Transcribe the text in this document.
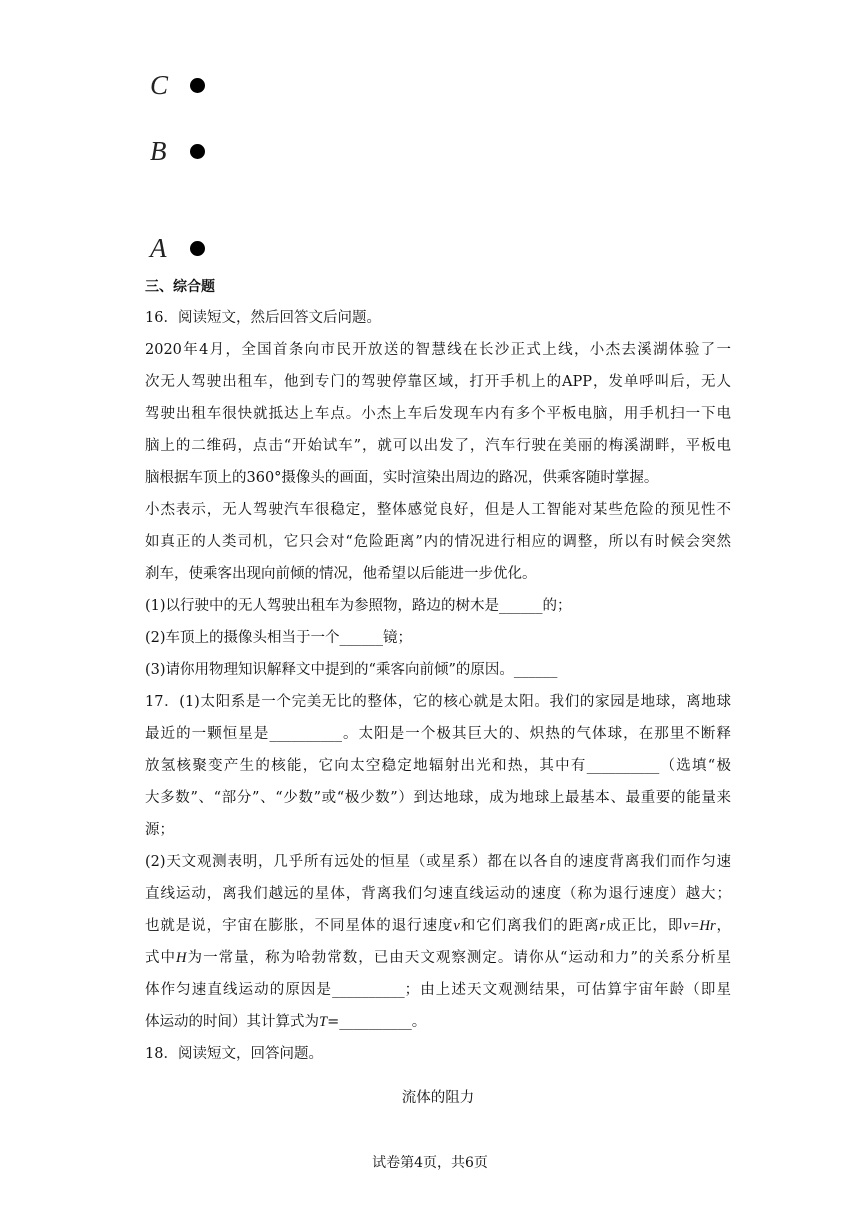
C
B
A
三、综合题
16．阅读短文，然后回答文后问题。
2020年4月，全国首条向市民开放送的智慧线在长沙正式上线，小杰去溪湖体验了一
次无人驾驶出租车，他到专门的驾驶停靠区域，打开手机上的APP，发单呼叫后，无人
驾驶出租车很快就抵达上车点。小杰上车后发现车内有多个平板电脑，用手机扫一下电
脑上的二维码，点击“开始试车”，就可以出发了，汽车行驶在美丽的梅溪湖畔，平板电
脑根据车顶上的360°摄像头的画面，实时渲染出周边的路况，供乘客随时掌握。
小杰表示，无人驾驶汽车很稳定，整体感觉良好，但是人工智能对某些危险的预见性不
如真正的人类司机，它只会对“危险距离”内的情况进行相应的调整，所以有时候会突然
刹车，使乘客出现向前倾的情况，他希望以后能进一步优化。
(1)以行驶中的无人驾驶出租车为参照物，路边的树木是______的；
(2)车顶上的摄像头相当于一个______镜；
(3)请你用物理知识解释文中提到的“乘客向前倾”的原因。______
17．(1)太阳系是一个完美无比的整体，它的核心就是太阳。我们的家园是地球，离地球
最近的一颗恒星是__________。太阳是一个极其巨大的、炽热的气体球，在那里不断释
放氢核聚变产生的核能，它向太空稳定地辐射出光和热，其中有__________（选填“极
大多数”、“部分”、“少数”或“极少数”）到达地球，成为地球上最基本、最重要的能量来
源；
(2)天文观测表明，几乎所有远处的恒星（或星系）都在以各自的速度背离我们而作匀速
直线运动，离我们越远的星体，背离我们匀速直线运动的速度（称为退行速度）越大；
也就是说，宇宙在膨胀，不同星体的退行速度v和它们离我们的距离r成正比，即v=Hr，
式中H为一常量，称为哈勃常数，已由天文观察测定。请你从“运动和力”的关系分析星
体作匀速直线运动的原因是__________；由上述天文观测结果，可估算宇宙年龄（即星
体运动的时间）其计算式为T=__________。
18．阅读短文，回答问题。
流体的阻力
试卷第4页，共6页
